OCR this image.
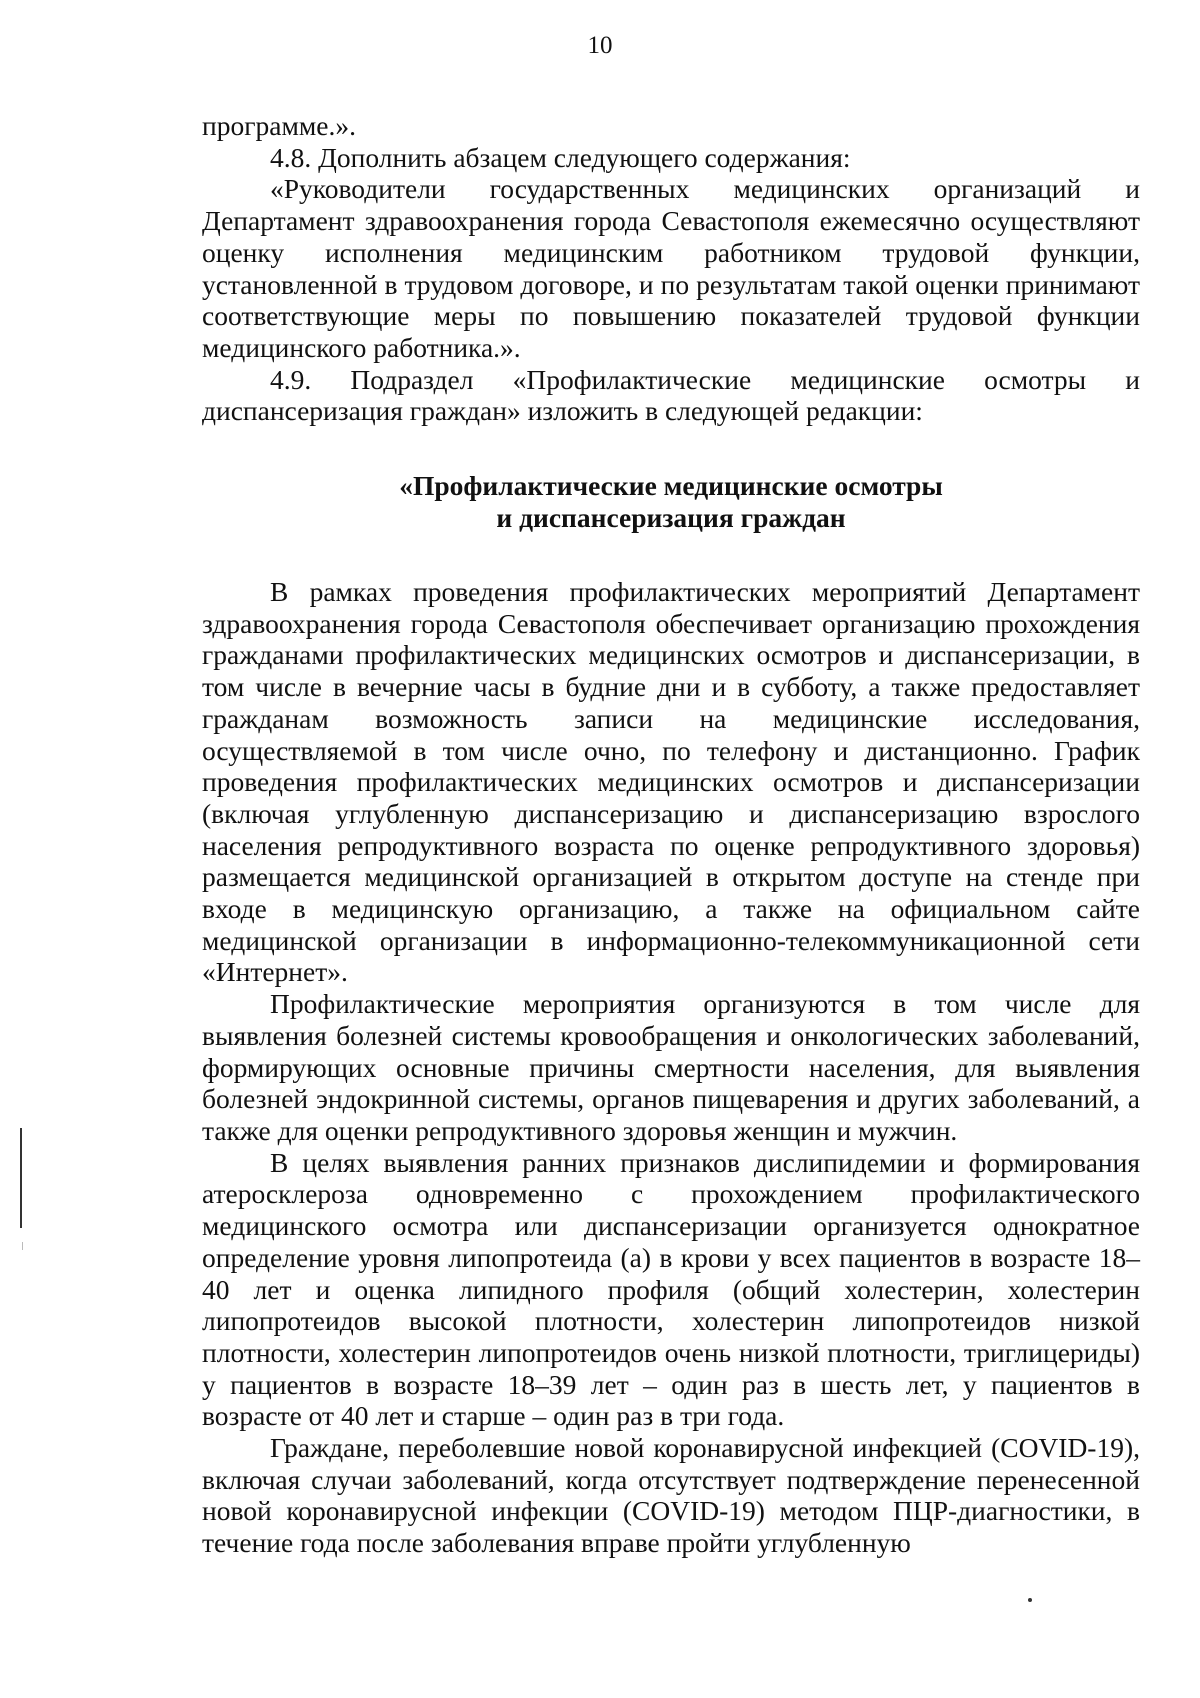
10

программе.».

4.8. Дополнить абзацем следующего содержания:

«Руководители государственных медицинских организаций и Департамент здравоохранения города Севастополя ежемесячно осуществляют оценку исполнения медицинским работником трудовой функции, установленной в трудовом договоре, и по результатам такой оценки принимают соответствующие меры по повышению показателей трудовой функции медицинского работника.».

4.9. Подраздел «Профилактические медицинские осмотры и диспансеризация граждан» изложить в следующей редакции:

«Профилактические медицинские осмотры
и диспансеризация граждан

В рамках проведения профилактических мероприятий Департамент здравоохранения города Севастополя обеспечивает организацию прохождения гражданами профилактических медицинских осмотров и диспансеризации, в том числе в вечерние часы в будние дни и в субботу, а также предоставляет гражданам возможность записи на медицинские исследования, осуществляемой в том числе очно, по телефону и дистанционно. График проведения профилактических медицинских осмотров и диспансеризации (включая углубленную диспансеризацию и диспансеризацию взрослого населения репродуктивного возраста по оценке репродуктивного здоровья) размещается медицинской организацией в открытом доступе на стенде при входе в медицинскую организацию, а также на официальном сайте медицинской организации в информационно-телекоммуникационной сети «Интернет».

Профилактические мероприятия организуются в том числе для выявления болезней системы кровообращения и онкологических заболеваний, формирующих основные причины смертности населения, для выявления болезней эндокринной системы, органов пищеварения и других заболеваний, а также для оценки репродуктивного здоровья женщин и мужчин.

В целях выявления ранних признаков дислипидемии и формирования атеросклероза одновременно с прохождением профилактического медицинского осмотра или диспансеризации организуется однократное определение уровня липопротеида (а) в крови у всех пациентов в возрасте 18–40 лет и оценка липидного профиля (общий холестерин, холестерин липопротеидов высокой плотности, холестерин липопротеидов низкой плотности, холестерин липопротеидов очень низкой плотности, триглицериды) у пациентов в возрасте 18–39 лет – один раз в шесть лет, у пациентов в возрасте от 40 лет и старше – один раз в три года.

Граждане, переболевшие новой коронавирусной инфекцией (COVID-19), включая случаи заболеваний, когда отсутствует подтверждение перенесенной новой коронавирусной инфекции (COVID-19) методом ПЦР-диагностики, в течение года после заболевания вправе пройти углубленную
